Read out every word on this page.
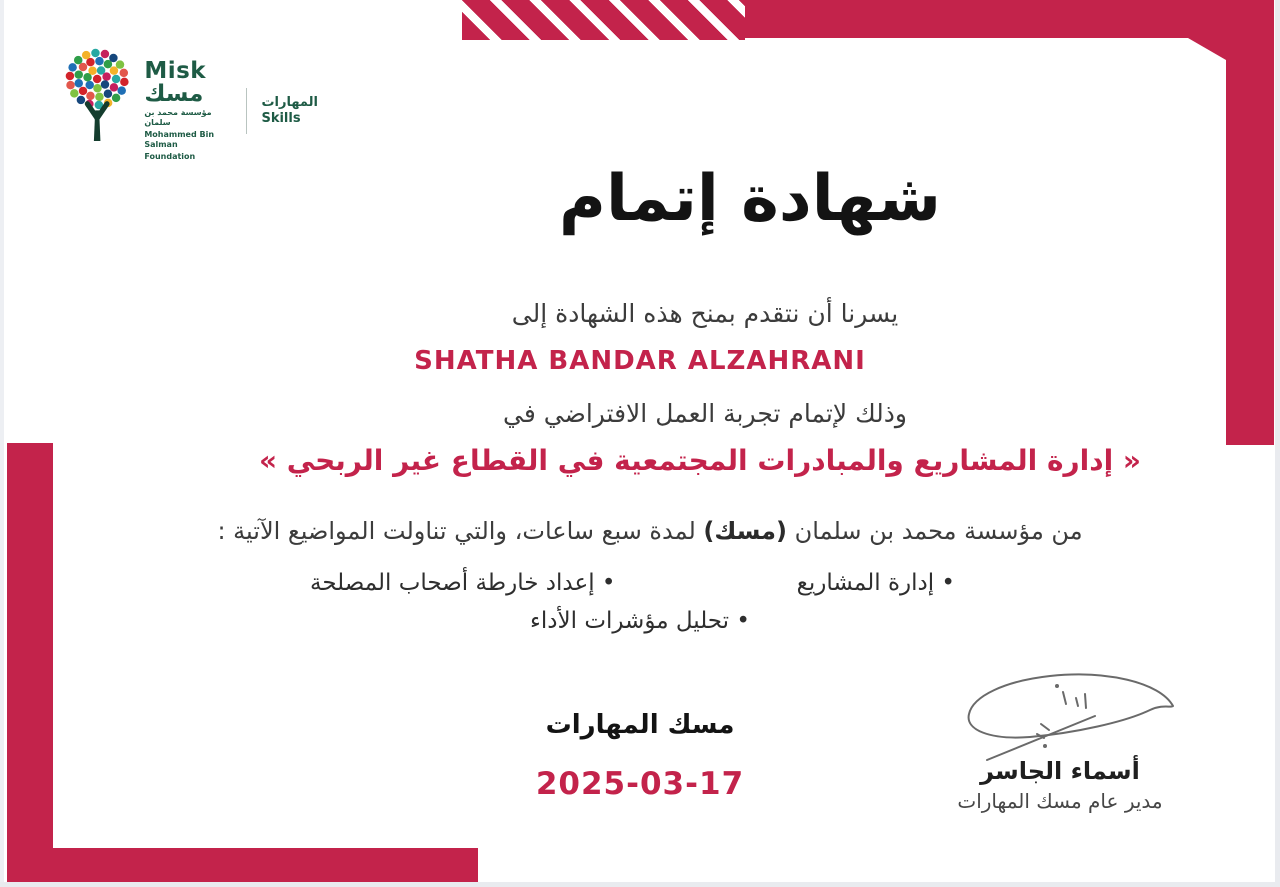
Misk مسك
مؤسسة محمد بن سلمان
Mohammed Bin Salman
Foundation
المهارات
Skills
شهادة إتمام
يسرنا أن نتقدم بمنح هذه الشهادة إلى
SHATHA BANDAR ALZAHRANI
وذلك لإتمام تجربة العمل الافتراضي في
« إدارة المشاريع والمبادرات المجتمعية في القطاع غير الربحي »
من مؤسسة محمد بن سلمان (مسك) لمدة سبع ساعات، والتي تناولت المواضيع الآتية :
• إدارة المشاريع
• إعداد خارطة أصحاب المصلحة
• تحليل مؤشرات الأداء
مسك المهارات
2025-03-17	أسماء الجاسر
مدير عام مسك المهارات
